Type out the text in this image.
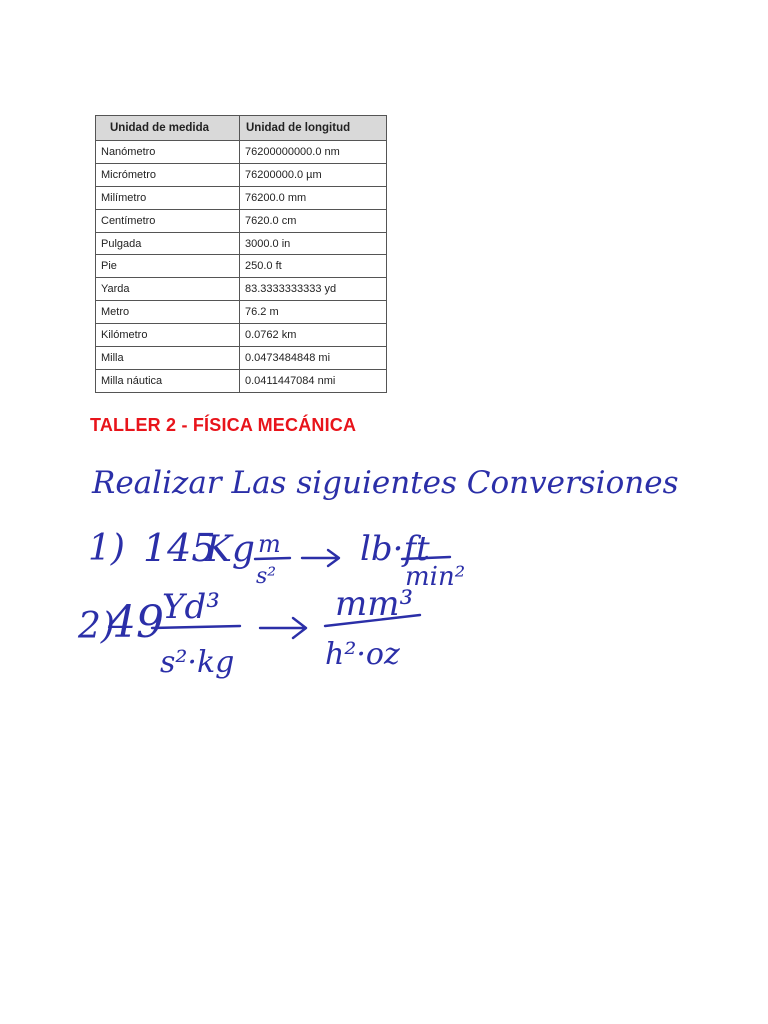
Unidad de medida	Unidad de longitud
Nanómetro	76200000000.0 nm
Micrómetro	76200000.0 µm
Milímetro	76200.0 mm
Centímetro	7620.0 cm
Pulgada	3000.0 in
Pie	250.0 ft
Yarda	83.3333333333 yd
Metro	76.2 m
Kilómetro	0.0762 km
Milla	0.0473484848 mi
Milla náutica	0.0411447084 nmi
TALLER 2 - FÍSICA MECÁNICA
Realizar Las siguientes Conversiones
1) 145
Kg m
s²
lb·ft
min²
2)
49
Yd³
s²·kg
mm³
h²·oz
